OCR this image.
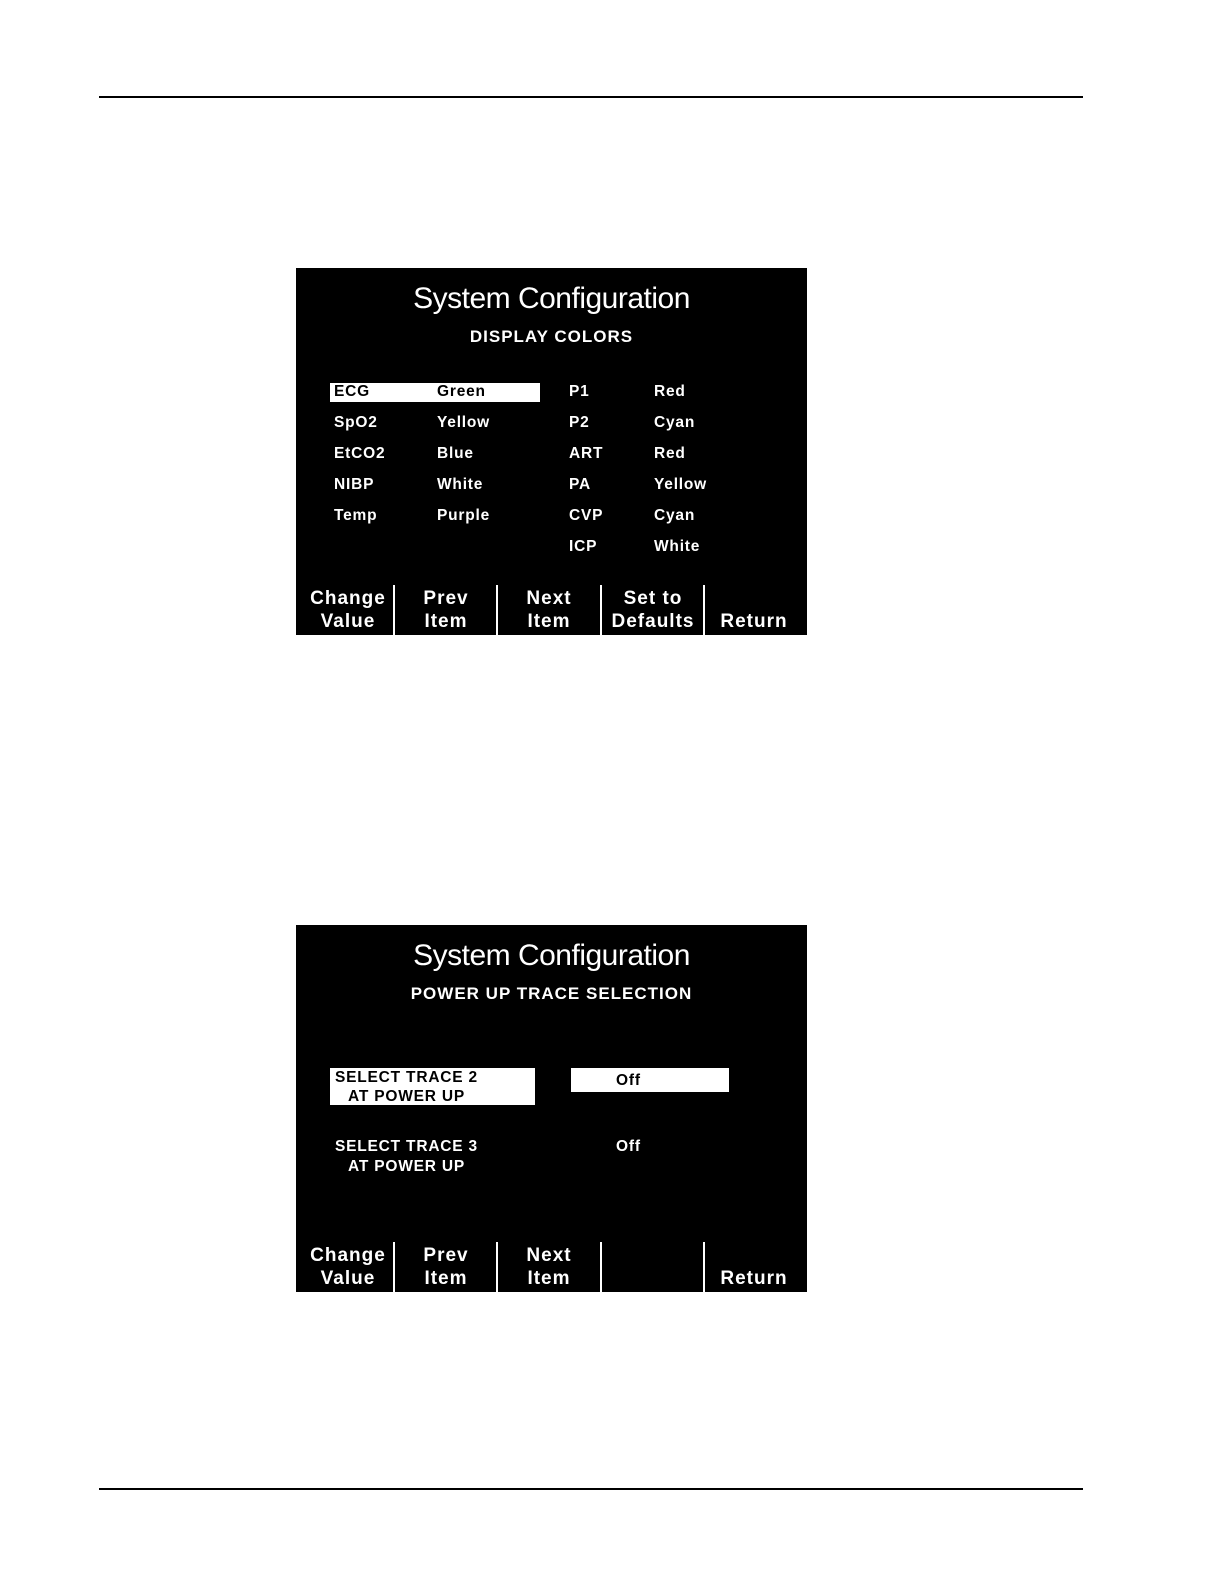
System Configuration
DISPLAY COLORS
ECG	Green
SpO2	Yellow
EtCO2	Blue
NIBP	White
Temp	Purple
P1	Red
P2	Cyan
ART	Red
PA	Yellow
CVP	Cyan
ICP	White
Change
Value
Prev
Item
Next
Item
Set to
Defaults Return
System Configuration
POWER UP TRACE SELECTION
SELECT TRACE 2
AT POWER UP
Off
SELECT TRACE 3
AT POWER UP
Off
Change
Value
Prev
Item
Next
Item	Return
